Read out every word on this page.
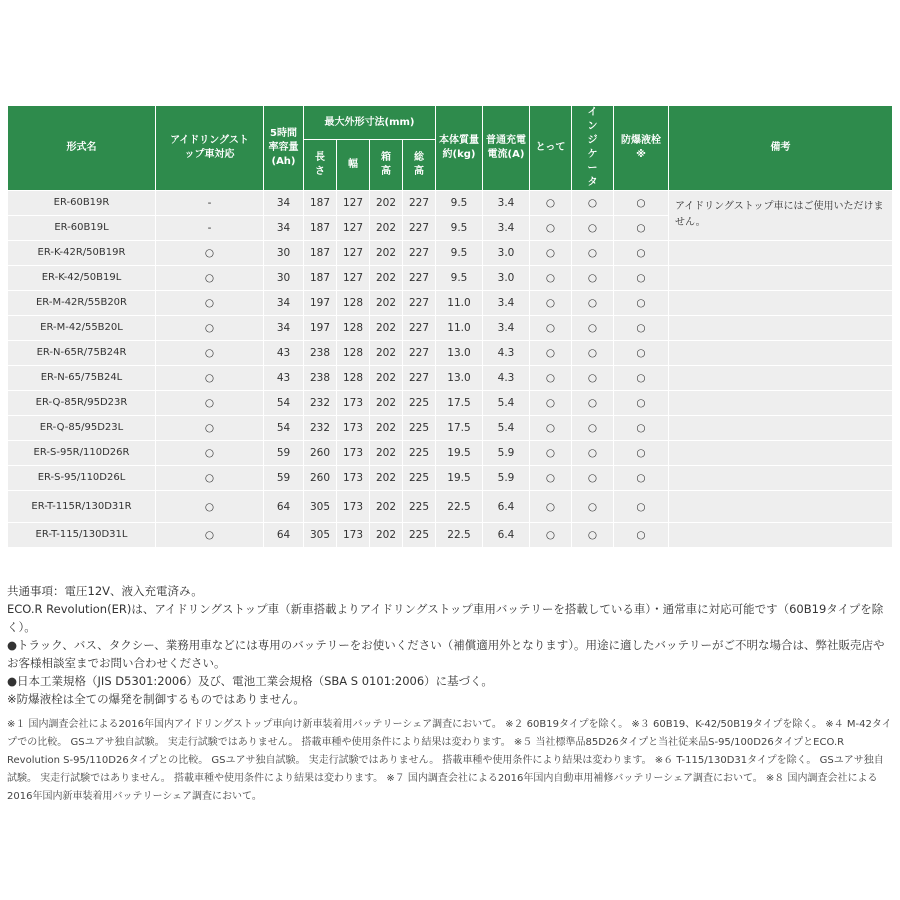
形式名	アイドリングストップ車対応	5時間率容量(Ah)	最大外形寸法(mm)				本体質量約(kg)	普通充電電流(A)	とって	インジケータ	防爆液栓※	備考
			長さ	幅	箱高	総高						
ER-60B19R	-	34	187	127	202	227	9.5	3.4	○	○	○	アイドリングストップ車にはご使用いただけません。
ER-60B19L	-	34	187	127	202	227	9.5	3.4	○	○	○	
ER-K-42R/50B19R	○	30	187	127	202	227	9.5	3.0	○	○	○	
ER-K-42/50B19L	○	30	187	127	202	227	9.5	3.0	○	○	○	
ER-M-42R/55B20R	○	34	197	128	202	227	11.0	3.4	○	○	○	
ER-M-42/55B20L	○	34	197	128	202	227	11.0	3.4	○	○	○	
ER-N-65R/75B24R	○	43	238	128	202	227	13.0	4.3	○	○	○	
ER-N-65/75B24L	○	43	238	128	202	227	13.0	4.3	○	○	○	
ER-Q-85R/95D23R	○	54	232	173	202	225	17.5	5.4	○	○	○	
ER-Q-85/95D23L	○	54	232	173	202	225	17.5	5.4	○	○	○	
ER-S-95R/110D26R	○	59	260	173	202	225	19.5	5.9	○	○	○	
ER-S-95/110D26L	○	59	260	173	202	225	19.5	5.9	○	○	○	
ER-T-115R/130D31R	○	64	305	173	202	225	22.5	6.4	○	○	○	
ER-T-115/130D31L	○	64	305	173	202	225	22.5	6.4	○	○	○	

共通事項：電圧12V、液入充電済み。

ECO.R Revolution(ER)は、アイドリングストップ車（新車搭載よりアイドリングストップ車用バッテリーを搭載している車）・通常車に対応可能です（60B19タイプを除く）。

●トラック、バス、タクシー、業務用車などには専用のバッテリーをお使いください（補償適用外となります）。用途に適したバッテリーがご不明な場合は、弊社販売店やお客様相談室までお問い合わせください。

●日本工業規格（JIS D5301:2006）及び、電池工業会規格（SBA S 0101:2006）に基づく。

※防爆液栓は全ての爆発を制御するものではありません。

※１ 国内調査会社による2016年国内アイドリングストップ車向け新車装着用バッテリーシェア調査において。 ※２ 60B19タイプを除く。 ※３ 60B19、K-42/50B19タイプを除く。 ※４ M-42タイプでの比較。 GSユアサ独自試験。 実走行試験ではありません。 搭載車種や使用条件により結果は変わります。 ※５ 当社標準品85D26タイプと当社従来品S-95/100D26タイプとECO.R Revolution S-95/110D26タイプとの比較。 GSユアサ独自試験。 実走行試験ではありません。 搭載車種や使用条件により結果は変わります。 ※６ T-115/130D31タイプを除く。 GSユアサ独自試験。 実走行試験ではありません。 搭載車種や使用条件により結果は変わります。 ※７ 国内調査会社による2016年国内自動車用補修バッテリーシェア調査において。 ※８ 国内調査会社による2016年国内新車装着用バッテリーシェア調査において。
